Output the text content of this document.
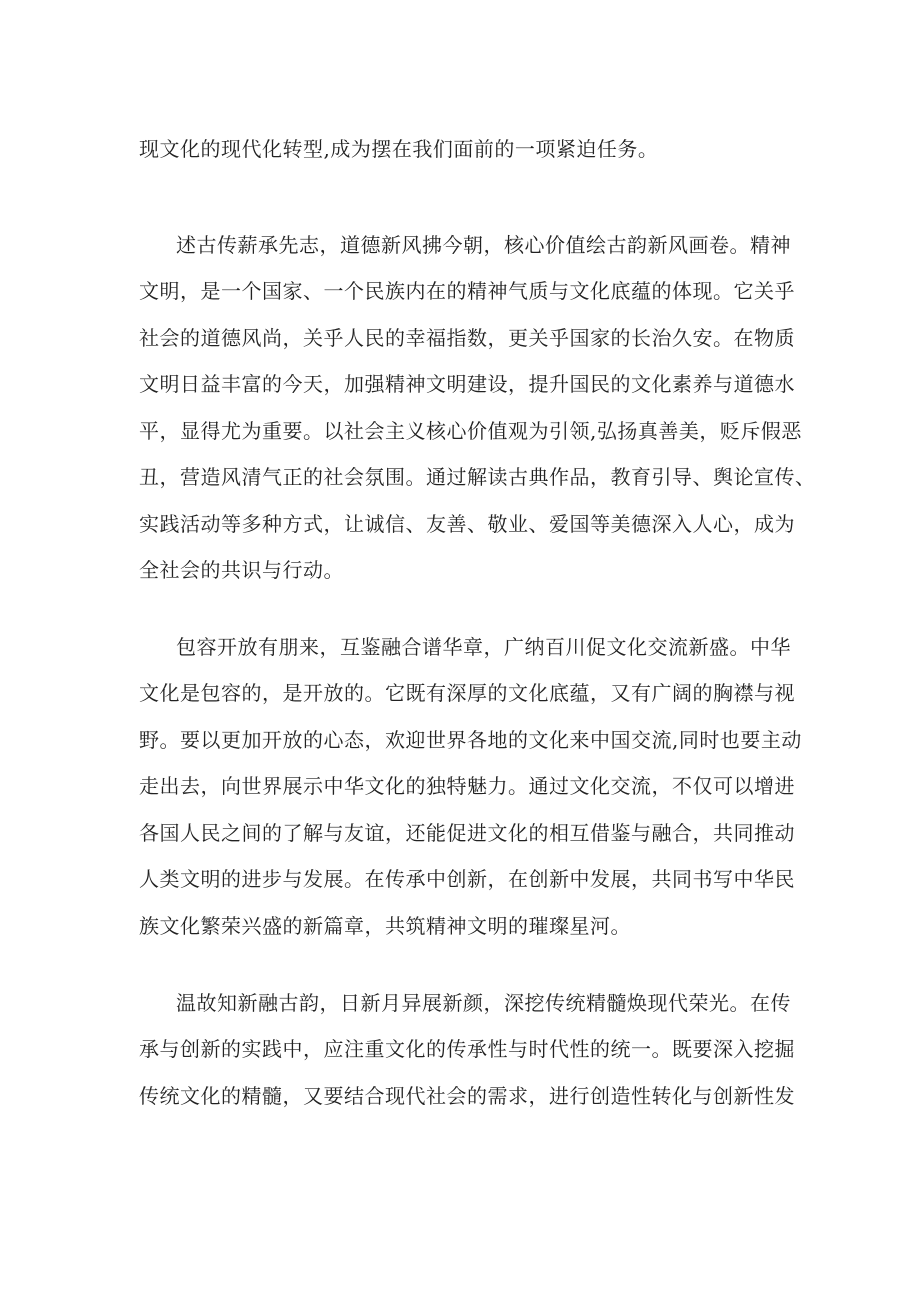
现文化的现代化转型,成为摆在我们面前的一项紧迫任务。

述古传薪承先志，道德新风拂今朝，核心价值绘古韵新风画卷。精神

文明，是一个国家、一个民族内在的精神气质与文化底蕴的体现。它关乎

社会的道德风尚，关乎人民的幸福指数，更关乎国家的长治久安。在物质

文明日益丰富的今天，加强精神文明建设，提升国民的文化素养与道德水

平，显得尤为重要。以社会主义核心价值观为引领,弘扬真善美，贬斥假恶

丑，营造风清气正的社会氛围。通过解读古典作品，教育引导、舆论宣传、

实践活动等多种方式，让诚信、友善、敬业、爱国等美德深入人心，成为

全社会的共识与行动。

包容开放有朋来，互鉴融合谱华章，广纳百川促文化交流新盛。中华

文化是包容的，是开放的。它既有深厚的文化底蕴，又有广阔的胸襟与视

野。要以更加开放的心态，欢迎世界各地的文化来中国交流,同时也要主动

走出去，向世界展示中华文化的独特魅力。通过文化交流，不仅可以增进

各国人民之间的了解与友谊，还能促进文化的相互借鉴与融合，共同推动

人类文明的进步与发展。在传承中创新，在创新中发展，共同书写中华民

族文化繁荣兴盛的新篇章，共筑精神文明的璀璨星河。

温故知新融古韵，日新月异展新颜，深挖传统精髓焕现代荣光。在传

承与创新的实践中，应注重文化的传承性与时代性的统一。既要深入挖掘

传统文化的精髓，又要结合现代社会的需求，进行创造性转化与创新性发
